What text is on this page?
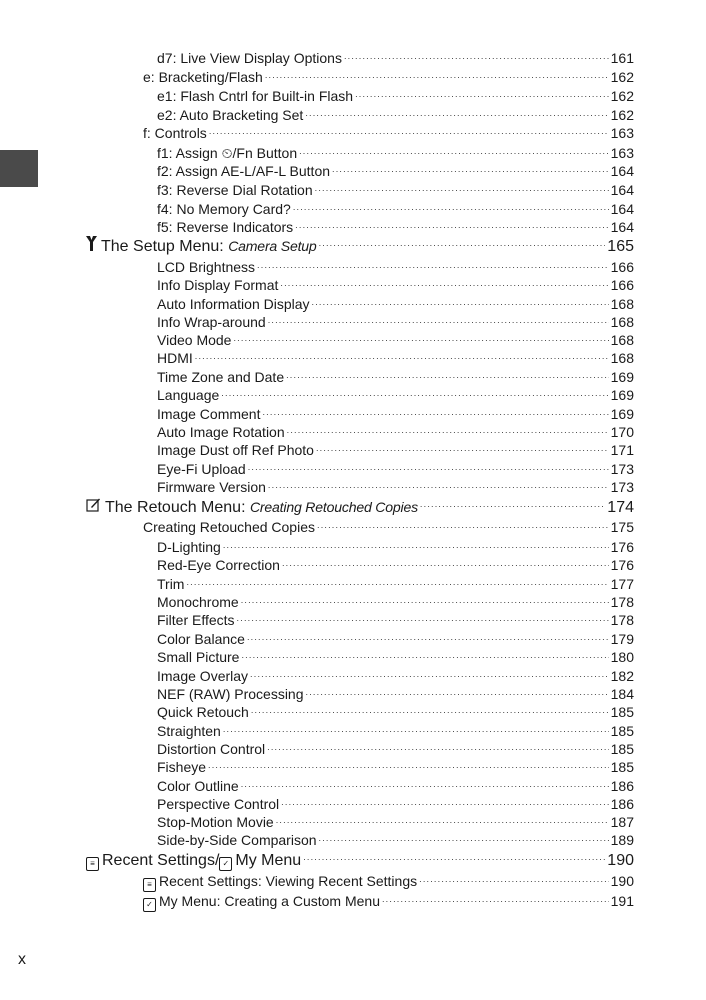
d7: Live View Display Options .....	161
e: Bracketing/Flash .....	162
e1: Flash Cntrl for Built-in Flash .....	162
e2: Auto Bracketing Set .....	162
f: Controls .....	163
f1: Assign ⏲/Fn Button .....	163
f2: Assign AE-L/AF-L Button .....	164
f3: Reverse Dial Rotation .....	164
f4: No Memory Card? .....	164
f5: Reverse Indicators .....	164
The Setup Menu: Camera Setup .....	165
LCD Brightness .....	166
Info Display Format .....	166
Auto Information Display .....	168
Info Wrap-around .....	168
Video Mode .....	168
HDMI .....	168
Time Zone and Date .....	169
Language .....	169
Image Comment .....	169
Auto Image Rotation .....	170
Image Dust off Ref Photo .....	171
Eye-Fi Upload .....	173
Firmware Version .....	173
The Retouch Menu: Creating Retouched Copies .....	174
Creating Retouched Copies .....	175
D-Lighting .....	176
Red-Eye Correction .....	176
Trim .....	177
Monochrome .....	178
Filter Effects .....	178
Color Balance .....	179
Small Picture .....	180
Image Overlay .....	182
NEF (RAW) Processing .....	184
Quick Retouch .....	185
Straighten .....	185
Distortion Control .....	185
Fisheye .....	185
Color Outline .....	186
Perspective Control .....	186
Stop-Motion Movie .....	187
Side-by-Side Comparison .....	189
≡ Recent Settings/ ✓ My Menu .....	190
≡ Recent Settings: Viewing Recent Settings .....	190
✓ My Menu: Creating a Custom Menu .....	191
x
